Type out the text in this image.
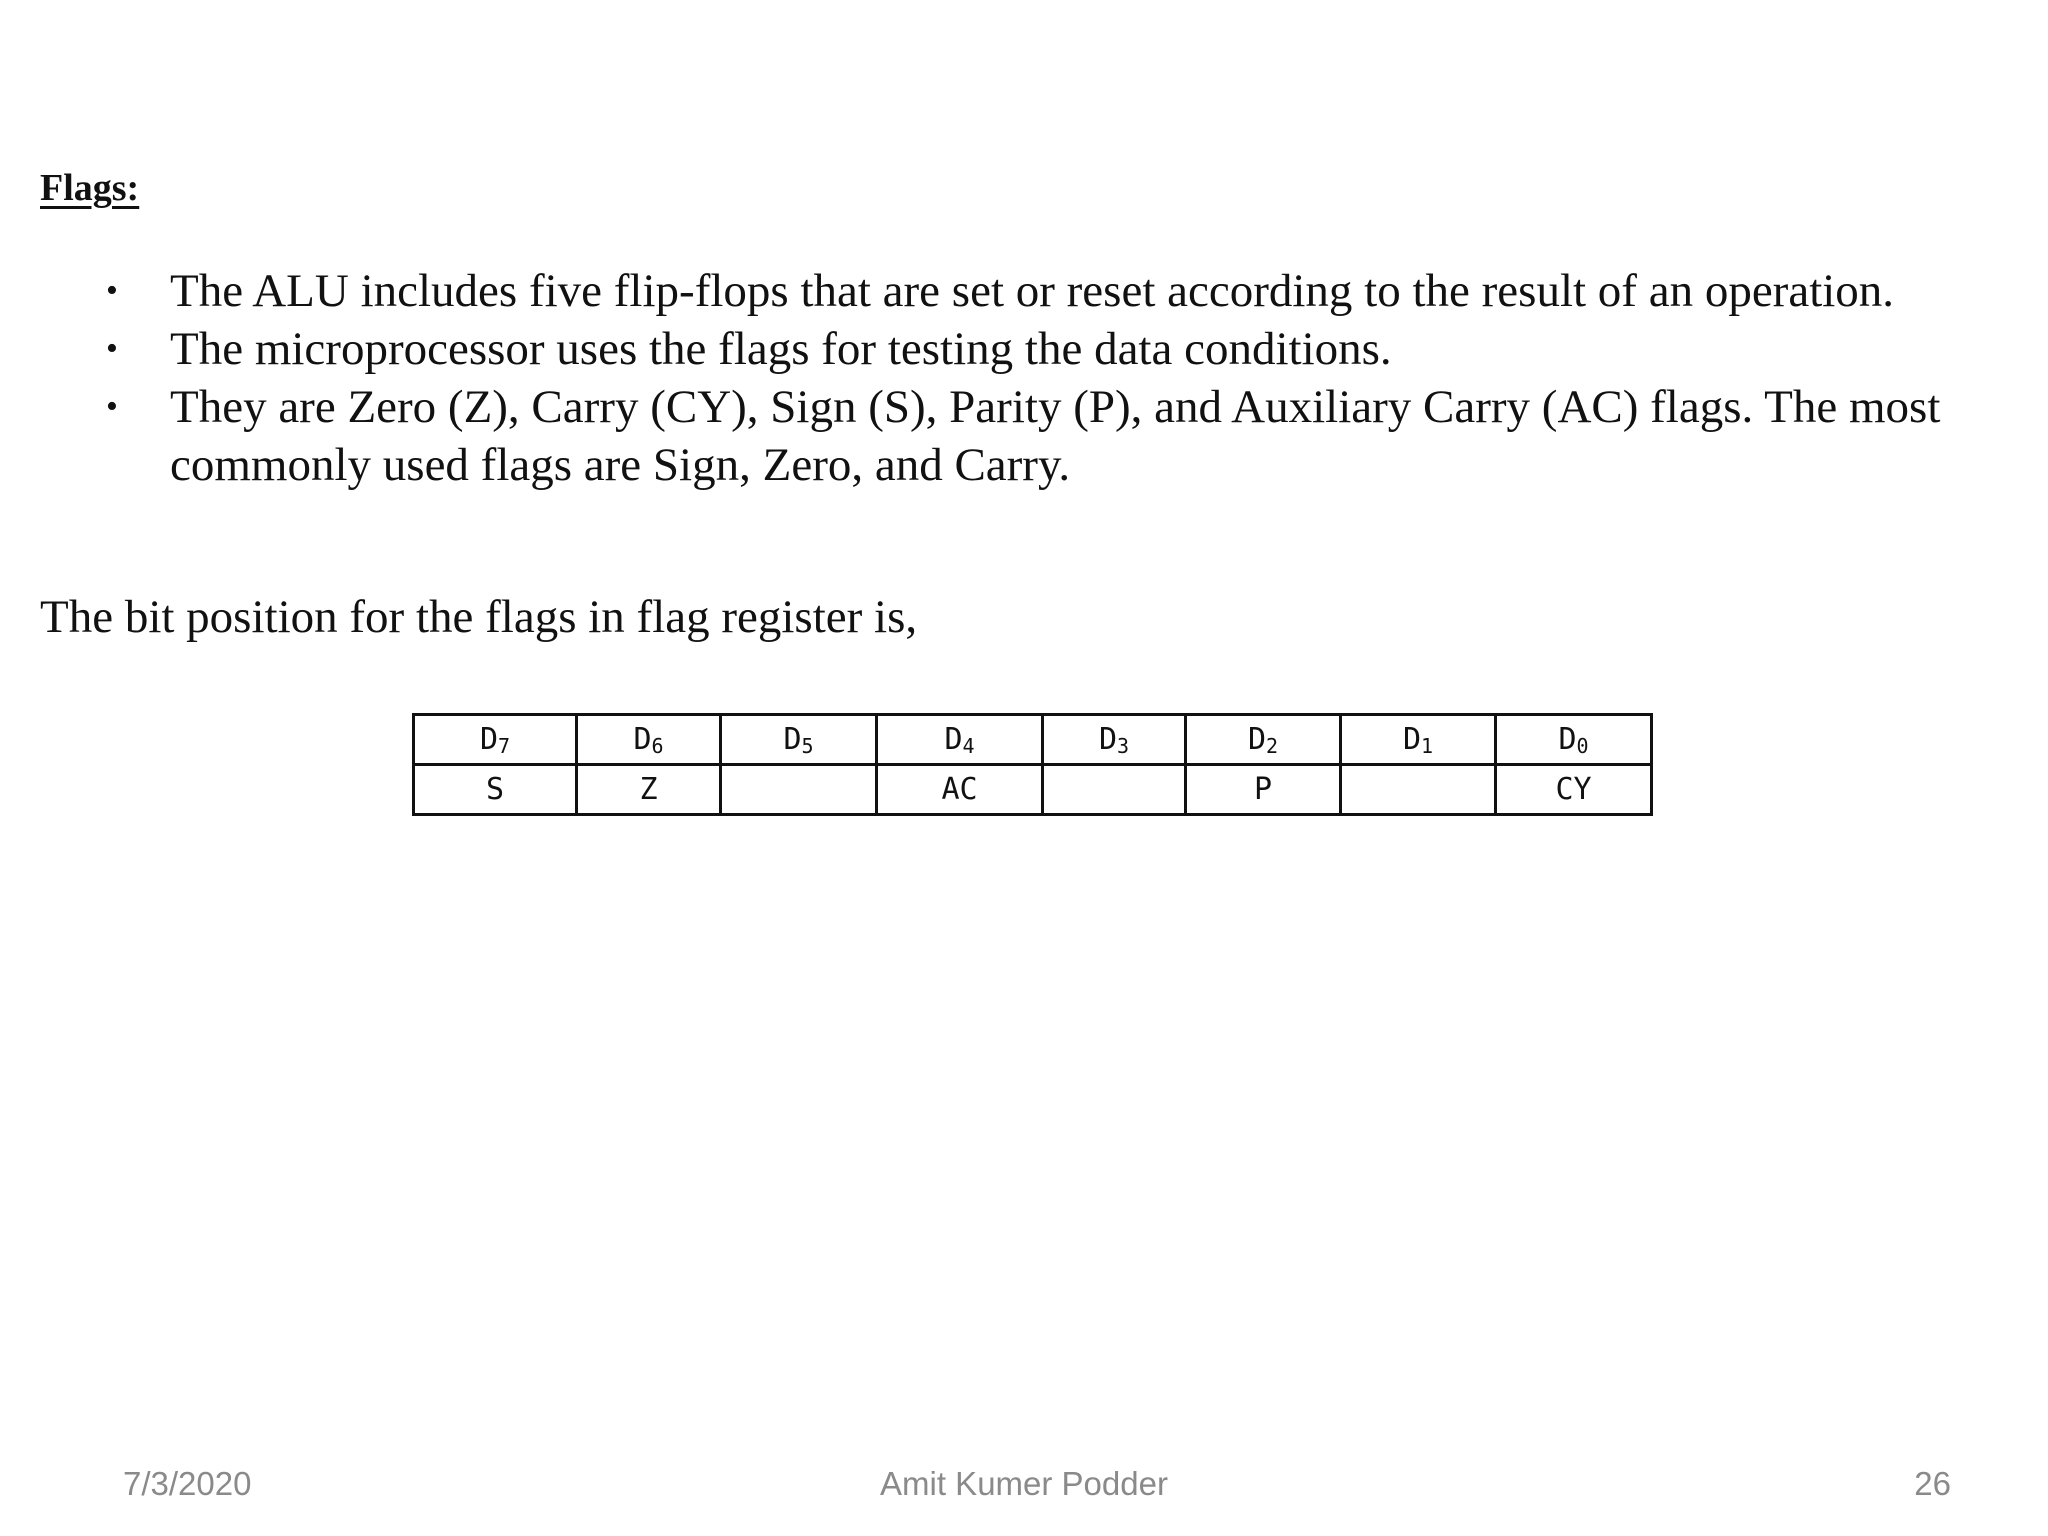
Flags:

• The ALU includes five flip-flops that are set or reset according to the result of an operation.
• The microprocessor uses the flags for testing the data conditions.
• They are Zero (Z), Carry (CY), Sign (S), Parity (P), and Auxiliary Carry (AC) flags. The most commonly used flags are Sign, Zero, and Carry.

The bit position for the flags in flag register is,

$D_7$	$D_6$	$D_5$	$D_4$	$D_3$	$D_2$	$D_1$	$D_0$
S	Z		AC		P		CY
7/3/2020	Amit Kumer Podder	26
